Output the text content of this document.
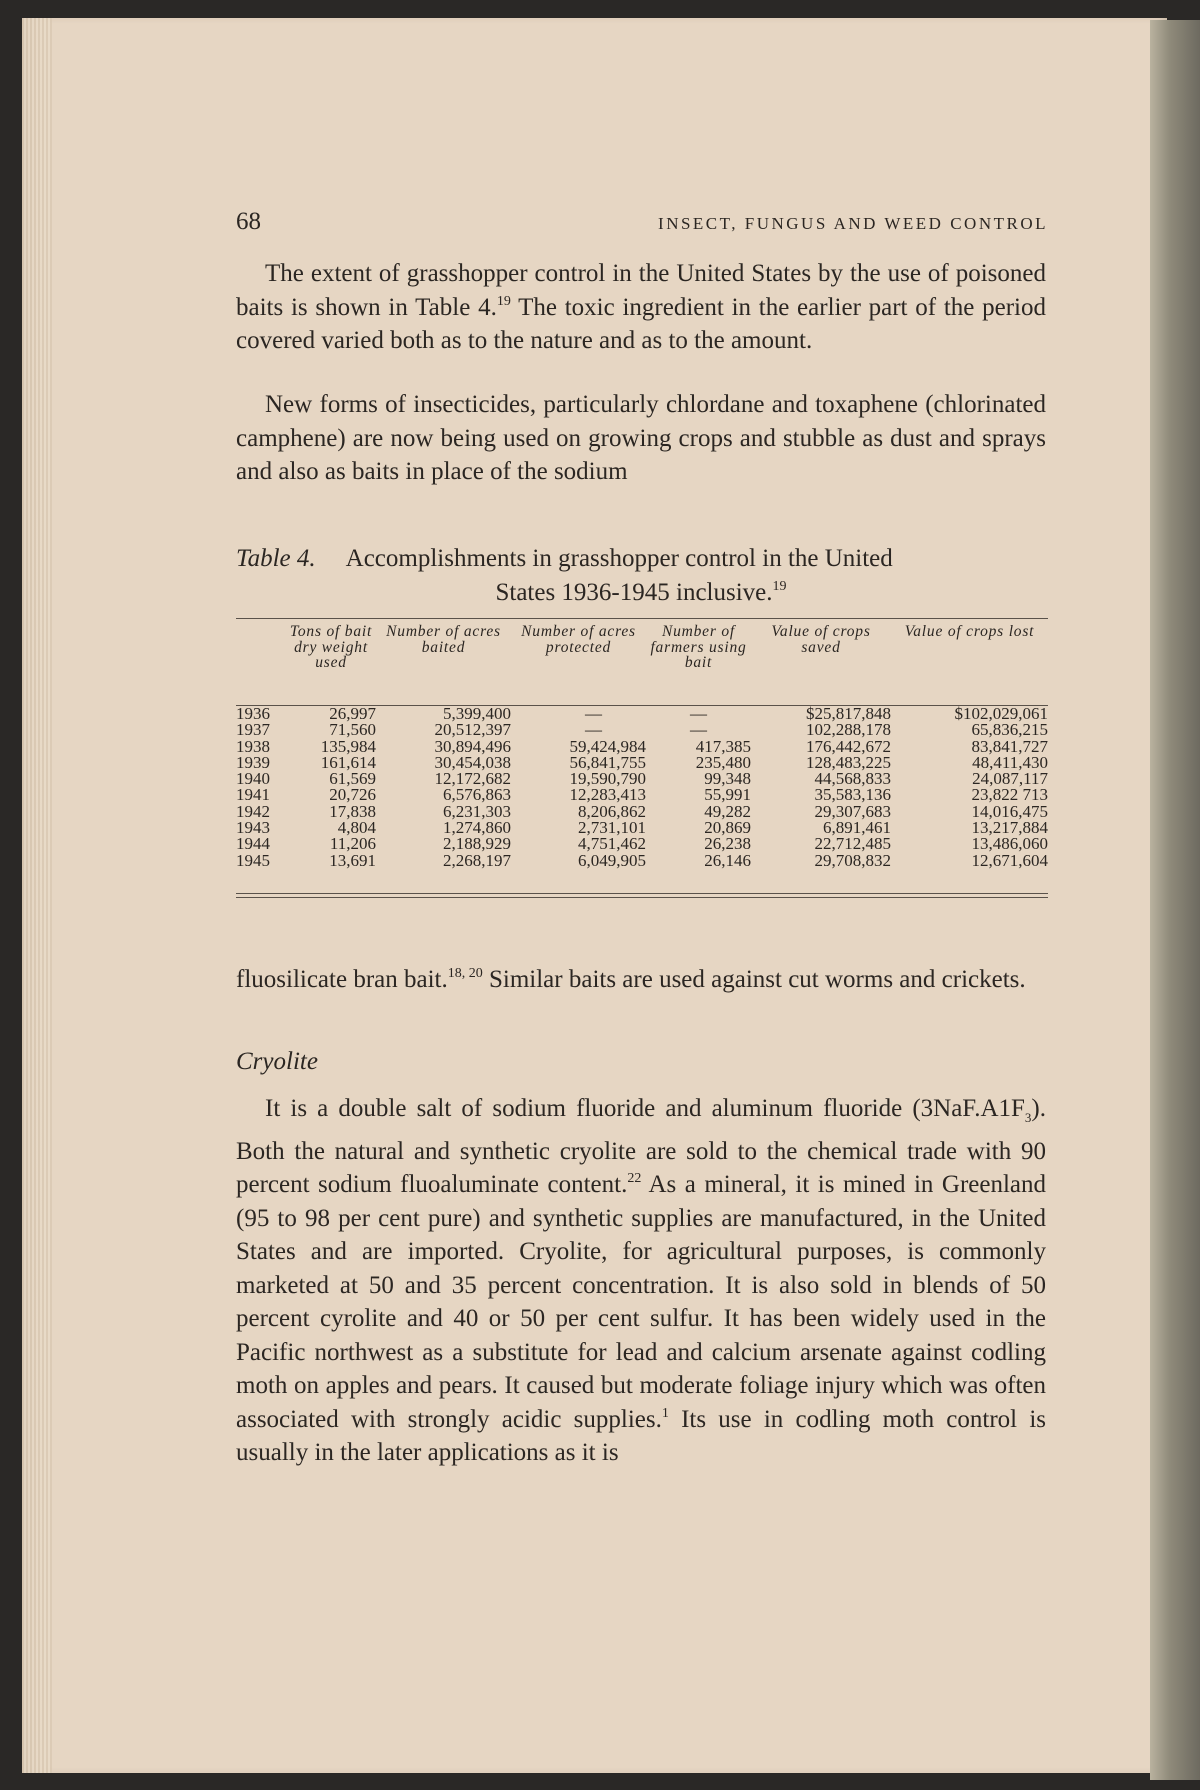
68	INSECT, FUNGUS AND WEED CONTROL
The extent of grasshopper control in the United States by the use of poisoned baits is shown in Table 4.19 The toxic ingredient in the earlier part of the period covered varied both as to the nature and as to the amount.
New forms of insecticides, particularly chlordane and toxaphene (chlorinated camphene) are now being used on growing crops and stubble as dust and sprays and also as baits in place of the sodium
Table 4. Accomplishments in grasshopper control in the United
States 1936-1945 inclusive.$^{19}$
	Tons of bait dry weight used	Number of acres baited	Number of acres protected	Number of farmers using bait	Value of crops saved	Value of crops lost
1936	26,997	5,399,400	—	—	$25,817,848	$102,029,061
1937	71,560	20,512,397	—	—	102,288,178	65,836,215
1938	135,984	30,894,496	59,424,984	417,385	176,442,672	83,841,727
1939	161,614	30,454,038	56,841,755	235,480	128,483,225	48,411,430
1940	61,569	12,172,682	19,590,790	99,348	44,568,833	24,087,117
1941	20,726	6,576,863	12,283,413	55,991	35,583,136	23,822 713
1942	17,838	6,231,303	8,206,862	49,282	29,307,683	14,016,475
1943	4,804	1,274,860	2,731,101	20,869	6,891,461	13,217,884
1944	11,206	2,188,929	4,751,462	26,238	22,712,485	13,486,060
1945	13,691	2,268,197	6,049,905	26,146	29,708,832	12,671,604
fluosilicate bran bait.$^{18, 20}$ Similar baits are used against cut worms and crickets.
Cryolite
It is a double salt of sodium fluoride and aluminum fluoride $(3NaF.A1F_3)$. Both the natural and synthetic cryolite are sold to the chemical trade with 90 percent sodium fluoaluminate content.$^{22}$ As a mineral, it is mined in Greenland (95 to 98 per cent pure) and synthetic supplies are manufactured, in the United States and are imported. Cryolite, for agricultural purposes, is commonly marketed at 50 and 35 percent concentration. It is also sold in blends of 50 percent cyrolite and 40 or 50 per cent sulfur. It has been widely used in the Pacific northwest as a substitute for lead and calcium arsenate against codling moth on apples and pears. It caused but moderate foliage injury which was often associated with strongly acidic supplies.$^1$ Its use in codling moth control is usually in the later applications as it is
